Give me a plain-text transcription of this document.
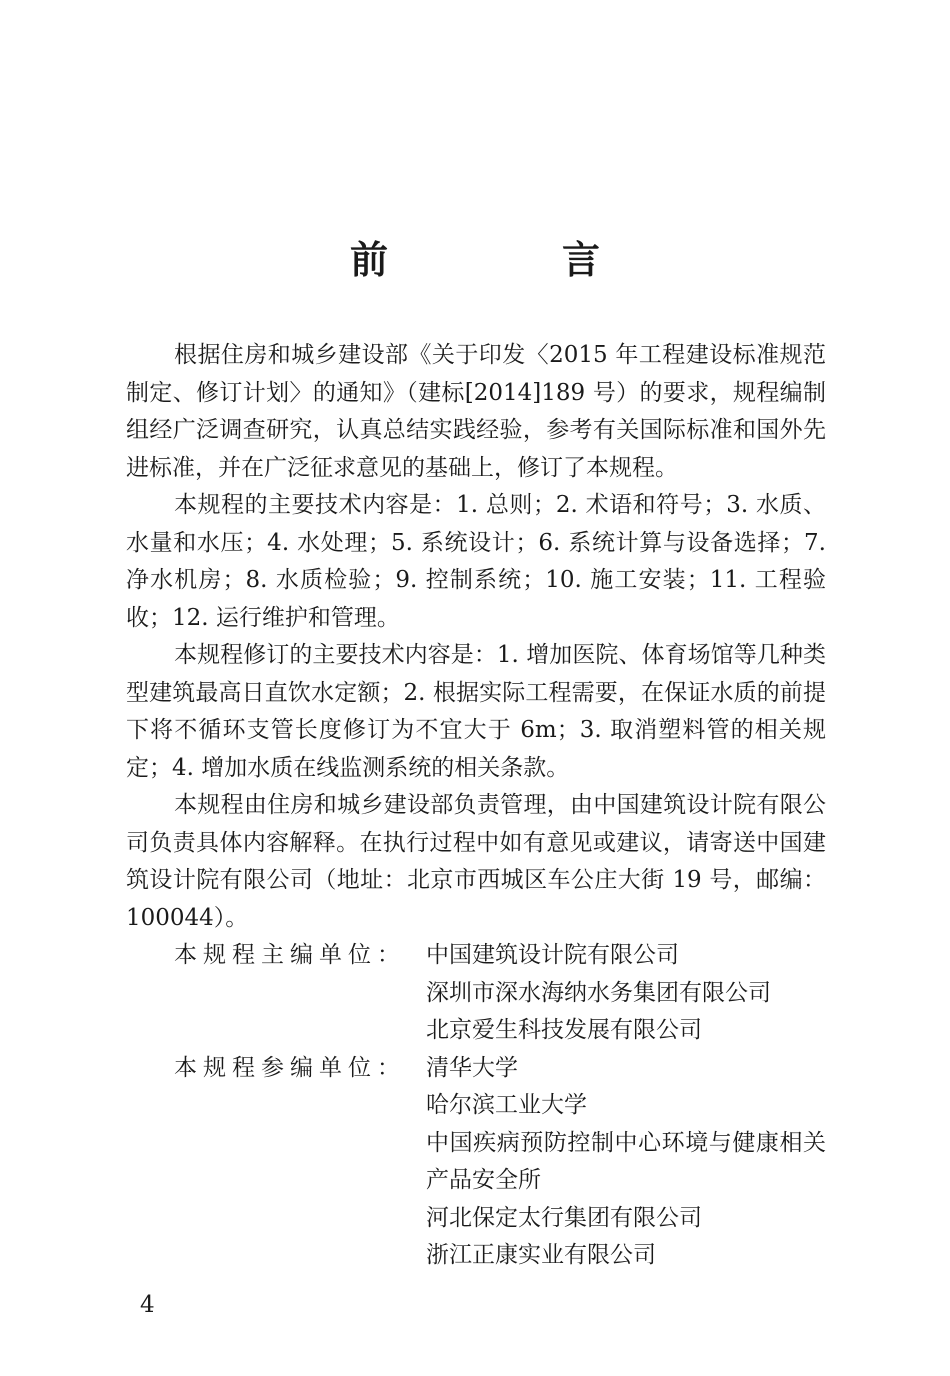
前　言

根据住房和城乡建设部《关于印发〈2015 年工程建设标准规范制定、修订计划〉的通知》（建标[2014]189 号）的要求，规程编制组经广泛调查研究，认真总结实践经验，参考有关国际标准和国外先进标准，并在广泛征求意见的基础上，修订了本规程。

本规程的主要技术内容是：1. 总则；2. 术语和符号；3. 水质、水量和水压；4. 水处理；5. 系统设计；6. 系统计算与设备选择；7. 净水机房；8. 水质检验；9. 控制系统；10. 施工安装；11. 工程验收；12. 运行维护和管理。

本规程修订的主要技术内容是：1. 增加医院、体育场馆等几种类型建筑最高日直饮水定额；2. 根据实际工程需要，在保证水质的前提下将不循环支管长度修订为不宜大于 6m；3. 取消塑料管的相关规定；4. 增加水质在线监测系统的相关条款。

本规程由住房和城乡建设部负责管理，由中国建筑设计院有限公司负责具体内容解释。在执行过程中如有意见或建议，请寄送中国建筑设计院有限公司（地址：北京市西城区车公庄大街 19 号，邮编：100044）。

本规程主编单位： 中国建筑设计院有限公司
深圳市深水海纳水务集团有限公司
北京爱生科技发展有限公司
本规程参编单位： 清华大学
哈尔滨工业大学
中国疾病预防控制中心环境与健康相关产品安全所
河北保定太行集团有限公司
浙江正康实业有限公司
4
